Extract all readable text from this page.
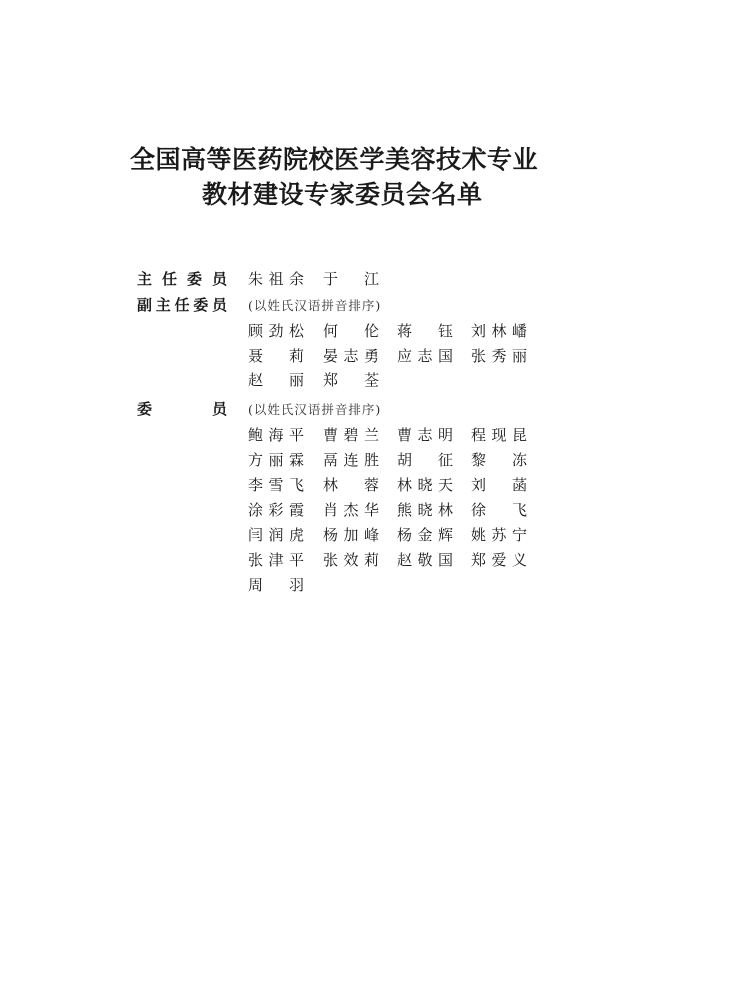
全国高等医药院校医学美容技术专业
教材建设专家委员会名单
主 任 委 员 朱 祖 余 于 江
副 主 任 委 员 (以姓氏汉语拼音排序)
顾 劲 松 何 伦 蒋 钰 刘 林 嶓
聂 莉 晏 志 勇 应 志 国 张 秀 丽
赵 丽 郑 荃
委	员 (以姓氏汉语拼音排序)
鲍 海 平 曹 碧 兰 曹 志 明 程 现 昆
方 丽 霖 鬲 连 胜 胡 征 黎 冻
李 雪 飞 林 蓉 林 晓 天 刘 菡
涂 彩 霞 肖 杰 华 熊 晓 林 徐 飞
闫 润 虎 杨 加 峰 杨 金 辉 姚 苏 宁
张 津 平 张 效 莉 赵 敬 国 郑 爱 义
周 羽
